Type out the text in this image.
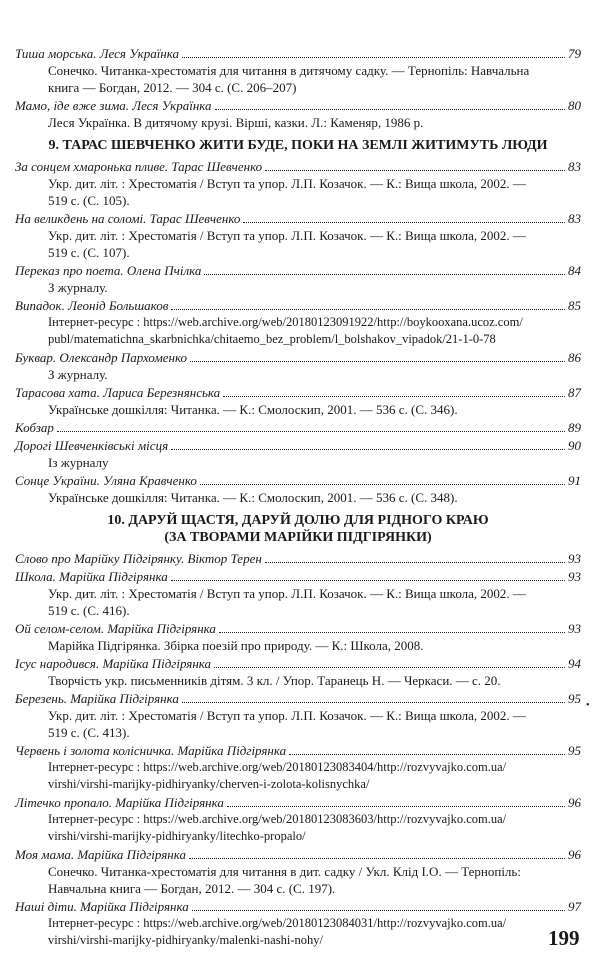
Тиша морська. Леся Українка	79
Сонечко. Читанка-хрестоматія для читання в дитячому садку. — Тернопіль: Навчальна книга — Богдан, 2012. — 304 с. (С. 206–207)
Мамо, іде вже зима. Леся Українка	80
Леся Українка. В дитячому крузі. Вірші, казки. Л.: Каменяр, 1986 р.
9. ТАРАС ШЕВЧЕНКО ЖИТИ БУДЕ, ПОКИ НА ЗЕМЛІ ЖИТИМУТЬ ЛЮДИ
За сонцем хмаронька пливе. Тарас Шевченко	83
Укр. дит. літ. : Хрестоматія / Вступ та упор. Л.П. Козачок. — К.: Вища школа, 2002. —
519 с. (С. 105).
На великдень на соломі. Тарас Шевченко	83
Укр. дит. літ. : Хрестоматія / Вступ та упор. Л.П. Козачок. — К.: Вища школа, 2002. —
519 с. (С. 107).
Переказ про поета. Олена Пчілка	84
З журналу.
Випадок. Леонід Большаков	85
Інтернет-ресурс : https://web.archive.org/web/20180123091922/http://boykooxana.ucoz.com/
publ/matematichna_skarbnichka/chitaemo_bez_problem/l_bolshakov_vipadok/21-1-0-78
Буквар. Олександр Пархоменко	86
З журналу.
Тарасова хата. Лариса Березнянська	87
Українське дошкілля: Читанка. — К.: Смолоскип, 2001. — 536 с. (С. 346).
Кобзар	89
Дорогі Шевченківські місця	90
Із журналу
Сонце України. Уляна Кравченко	91
Українське дошкілля: Читанка. — К.: Смолоскип, 2001. — 536 с. (С. 348).
10. ДАРУЙ ЩАСТЯ, ДАРУЙ ДОЛЮ ДЛЯ РІДНОГО КРАЮ
(ЗА ТВОРАМИ МАРІЙКИ ПІДГІРЯНКИ)
Слово про Марійку Підгірянку. Віктор Терен	93
Школа. Марійка Підгірянка	93
Укр. дит. літ. : Хрестоматія / Вступ та упор. Л.П. Козачок. — К.: Вища школа, 2002. —
519 с. (С. 416).
Ой селом-селом. Марійка Підгірянка	93
Марійка Підгірянка. Збірка поезій про природу. — К.: Школа, 2008.
Ісус народився. Марійка Підгірянка	94
Творчість укр. письменників дітям. 3 кл. / Упор. Таранець Н. — Черкаси. — с. 20.
Березень. Марійка Підгірянка	95
Укр. дит. літ. : Хрестоматія / Вступ та упор. Л.П. Козачок. — К.: Вища школа, 2002. —
519 с. (С. 413).
Червень і золота колісничка. Марійка Підгірянка	95
Інтернет-ресурс : https://web.archive.org/web/20180123083404/http://rozvyvajko.com.ua/
virshi/virshi-marijky-pidhiryanky/cherven-i-zolota-kolisnychka/
Літечко пропало. Марійка Підгірянка	96
Інтернет-ресурс : https://web.archive.org/web/20180123083603/http://rozvyvajko.com.ua/
virshi/virshi-marijky-pidhiryanky/litechko-propalo/
Моя мама. Марійка Підгірянка	96
Сонечко. Читанка-хрестоматія для читання в дит. садку / Укл. Клід І.О. — Тернопіль:
Навчальна книга — Богдан, 2012. — 304 с. (С. 197).
Наші діти. Марійка Підгірянка	97
Інтернет-ресурс : https://web.archive.org/web/20180123084031/http://rozvyvajko.com.ua/
virshi/virshi-marijky-pidhiryanky/malenki-nashi-nohy/	199
•
